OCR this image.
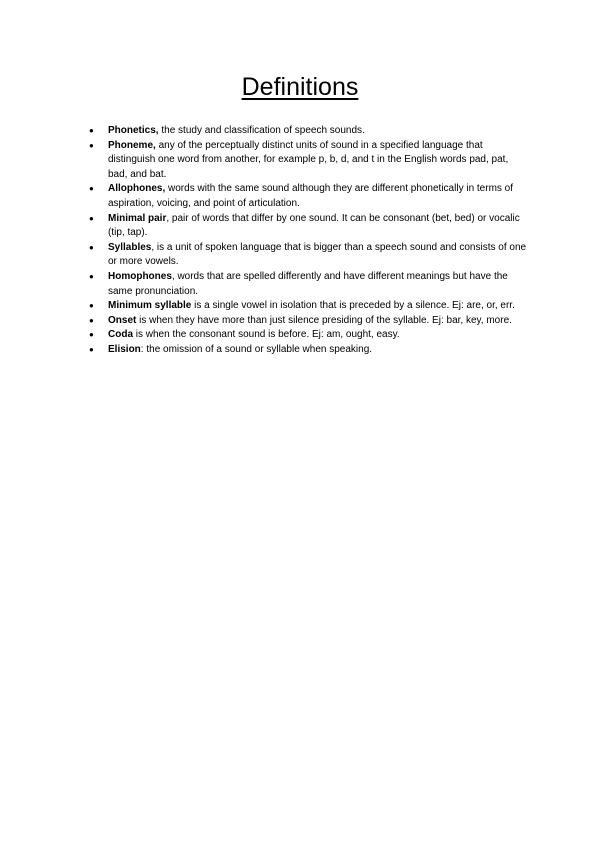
Definitions
● Phonetics, the study and classification of speech sounds.
● Phoneme, any of the perceptually distinct units of sound in a specified language that distinguish one word from another, for example p, b, d, and t in the English words pad, pat, bad, and bat.
● Allophones, words with the same sound although they are different phonetically in terms of aspiration, voicing, and point of articulation.
● Minimal pair, pair of words that differ by one sound. It can be consonant (bet, bed) or vocalic (tip, tap).
● Syllables, is a unit of spoken language that is bigger than a speech sound and consists of one or more vowels.
● Homophones, words that are spelled differently and have different meanings but have the same pronunciation.
● Minimum syllable is a single vowel in isolation that is preceded by a silence. Ej: are, or, err.
● Onset is when they have more than just silence presiding of the syllable. Ej: bar, key, more.
● Coda is when the consonant sound is before. Ej: am, ought, easy.
● Elision: the omission of a sound or syllable when speaking.
